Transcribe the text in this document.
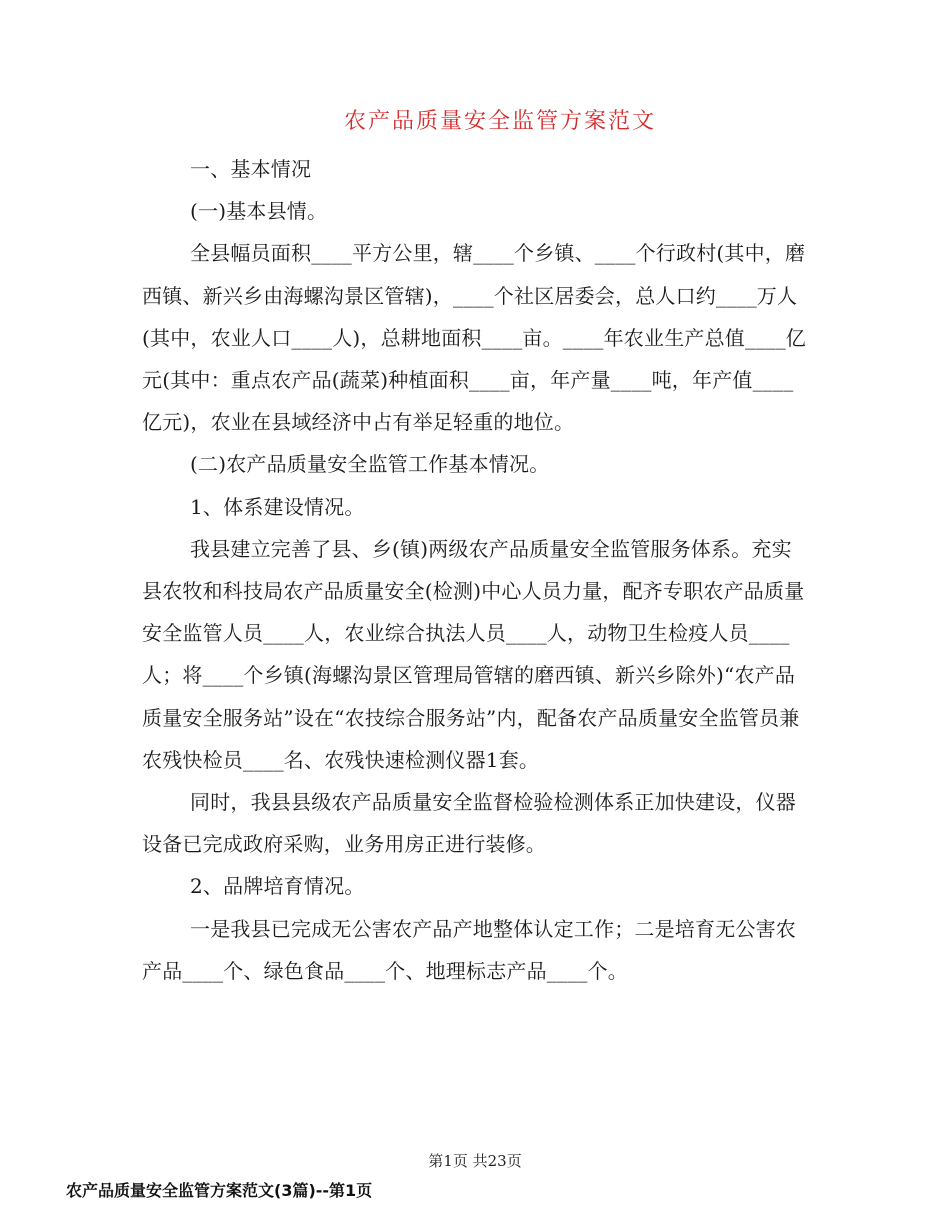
农产品质量安全监管方案范文

一、基本情况

(一)基本县情。

全县幅员面积____平方公里，辖____个乡镇、____个行政村(其中，磨西镇、新兴乡由海螺沟景区管辖)，____个社区居委会，总人口约____万人(其中，农业人口____人)，总耕地面积____亩。____年农业生产总值____亿元(其中：重点农产品(蔬菜)种植面积____亩，年产量____吨，年产值____亿元)，农业在县域经济中占有举足轻重的地位。

(二)农产品质量安全监管工作基本情况。

1、体系建设情况。

我县建立完善了县、乡(镇)两级农产品质量安全监管服务体系。充实县农牧和科技局农产品质量安全(检测)中心人员力量，配齐专职农产品质量安全监管人员____人，农业综合执法人员____人，动物卫生检疫人员____人；将____个乡镇(海螺沟景区管理局管辖的磨西镇、新兴乡除外)“农产品质量安全服务站”设在“农技综合服务站”内，配备农产品质量安全监管员兼农残快检员____名、农残快速检测仪器1套。

同时，我县县级农产品质量安全监督检验检测体系正加快建设，仪器设备已完成政府采购，业务用房正进行装修。

2、品牌培育情况。

一是我县已完成无公害农产品产地整体认定工作；二是培育无公害农产品____个、绿色食品____个、地理标志产品____个。

第1页 共23页
农产品质量安全监管方案范文(3篇)--第1页
